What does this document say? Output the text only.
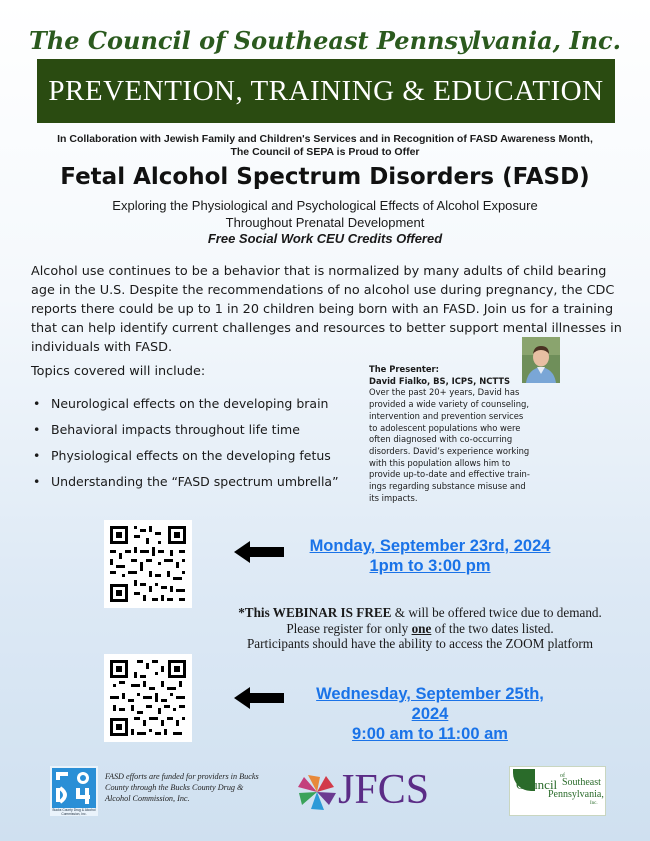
The Council of Southeast Pennsylvania, Inc.
PREVENTION, TRAINING & EDUCATION
In Collaboration with Jewish Family and Children's Services and in Recognition of FASD Awareness Month,
The Council of SEPA is Proud to Offer
Fetal Alcohol Spectrum Disorders (FASD)
Exploring the Physiological and Psychological Effects of Alcohol Exposure
Throughout Prenatal Development
Free Social Work CEU Credits Offered
Alcohol use continues to be a behavior that is normalized by many adults of child bearing age in the U.S. Despite the recommendations of no alcohol use during pregnancy, the CDC reports there could be up to 1 in 20 children being born with an FASD. Join us for a training that can help identify current challenges and resources to better support mental illnesses in individuals with FASD.
Topics covered will include:
• Neurological effects on the developing brain
• Behavioral impacts throughout life time
• Physiological effects on the developing fetus
• Understanding the “FASD spectrum umbrella”
The Presenter:
David Fialko, BS, ICPS, NCTTS
Over the past 20+ years, David has
provided a wide variety of counseling,
intervention and prevention services
to adolescent populations who were
often diagnosed with co-occurring
disorders. David’s experience working
with this population allows him to
provide up-to-date and effective train-
ings regarding substance misuse and
its impacts.
Monday, September 23rd, 2024
1pm to 3:00 pm
*This WEBINAR IS FREE & will be offered twice due to demand.
Please register for only one of the two dates listed.
Participants should have the ability to access the ZOOM platform
Wednesday, September 25th,
2024
9:00 am to 11:00 am
Bucks County Drug & Alcohol Commission, Inc.
FASD efforts are funded for providers in Bucks County through the Bucks County Drug & Alcohol Commission, Inc.	JFCS	Council
of
Southeast
Pennsylvania,
Inc.
